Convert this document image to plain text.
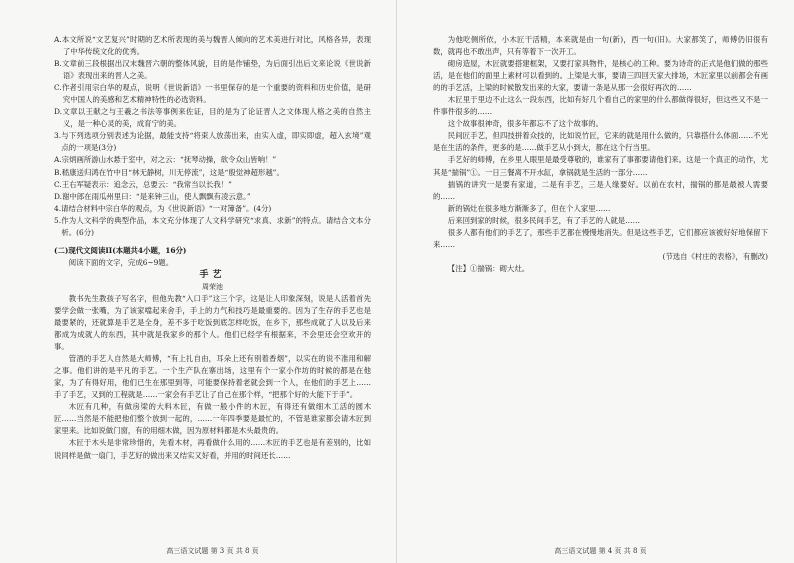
A.本文所说“文艺复兴”时期的艺术所表现的美与魏晋人倾向的艺术美进行对比，风格各异，表现了中华传统文化的优秀。

B.文章前三段根据出汉末魏晋六朝的整体风貌，目的是作铺垫，为后面引出后文来论说《世说新语》表现出来的晋人之美。

C.作者引用宗白华的观点，说明《世说新语》一书里保存的是一个重要的资料和历史价值，是研究中国人的美感和艺术精神特性的必选资料。

D.文章以王献之与王羲之书法等事例来佐证，目的是为了论证晋人之文体现人格之美的自然主义，是一种心灵的美，成育宁的美。

3.与下列选项分别表述为论据，最能支持“将束人放荡出来，由实入虚，即实即虚，超入玄境”观点的一项是(3分)

A.宗炳画所游山水悬于室中，对之云：“抚琴动操，欲令众山皆响！”

B.嵇康送归鸿在竹中目“林无静树，川无停流”，这是“殷觉神超形越”。

C.王右军疑表示：追念云，总要云：“我常当以长我！”

D.谢中郎在雨瓜州里曰：“是来钟三山，使人飘飘有凌云意。”

4.请结合材料中宗白华的观点，为《世说新语》“一对簿备”。(4分)

5.作为人文科学的典型作品，本文充分体现了人文科学研究“求真、求新”的特点。请结合文本分析。(6分)

(二)现代文阅读II(本题共4小题，16分)

阅读下面的文字，完成6~9题。

手艺

周荣池

教书先生教孩子写名字，但他先教“入口手”这三个字，这是让人印象深刻，说是人活着首先要学会做一张嘴，为了该家噹起来舍手，手上的力气和技巧是最重要的。因为了生存的手艺也是最要紧的，还就算是手艺是全身，差不多于吃饭到底怎样吃饭，在乡下，那些成就了人以及后来都成为成就人的东西，其中就是我家乡的那个人。他们已经学有根据来，不会里还会空欢开的事。

管酒的手艺人自然是大师傅，“有上扎自由，耳朵上还有别着香烟”，以实在的说不准用和解之事。他们讲的是平凡的手艺。一个生产队在寨出场，这里有个一家小作坊的时候的都是在他家，为了有得好用，他们已生在那里到等，可能要保持着老就会到一个人，在他们的手艺上……手了手艺，又到的工程就是……一家会有手艺让了自己在那个样，“把那个好的大能下于手”。

木匠有几种，有做房梁的大料木匠，有做一般小件的木匠，有得还有做细木工活的圆木匠……当然是不能把他们整个放到一起的，……一年四季要是最忙的，不管是谁家都会请木匠到家里来。比如说做门窗，有的用细木做，因为原材料都是木头最贵的。

木匠于木头是非常珍惜的，先看木材，再看做什么用的……木匠的手艺也是有差别的，比如说同样是做一扇门，手艺好的做出来又结实又好看，并用的时间还长……

高三语文试题 第 3 页 共 8 页

为他吃侧所依，小木匠干活精，本来就是由一句(新)，西一句(旧)。大家都笑了，师傅仍旧很有数，就再也不敢出声，只有等着下一次开工。

砌房造屋，木匠就要搭建框架，又要打家具物件，是核心的工种。要为诗奇的正式是他们做的那些活，是在他们的面里上素材可以看到的。上梁是大事，要请三四回天家大排场，木匠家里以前都会有画的的手艺活，上梁的时候散发出来的大家，要请一条是从那一会很好再次的……

木匠里于里边不止这么一段东西，比如有好几个看自己的家里的什么都做得很好，但这些又不是一件事件很多的……

这个故事很神奇，很多年都忘不了这个故事的。

民间匠手艺，但四技拼着众技的，比如说竹匠，它来的就是用什么做的，只靠搭什么体面……不光是在生活的条件，更多的是……做手艺从小到大，都在这个行当里。

手艺好的师傅，在乡里人眼里是最受尊敬的，谁家有了事都要请他们来。这是一个真正的动作，尤其是“揣锅”①。一日三餐离不开水缸，拿锅就是生活的一部分……

揣锅的讲究一是要有家道，二是有手艺，三是人缘要好。以前在农村，揣锅的都是最被人需要的……

新的锅灶在很多地方渐渐多了，但在个人家里……

后来回到家的时候，很多民间手艺，有了手艺的人就是……

很多人都有他们的手艺了，那些手艺都在慢慢地消失。但是这些手艺，它们都应该被好好地保留下来……

(节选自《村庄的表格》，有删改)

【注】①揣锅：砌大灶。

高三语文试题 第 4 页 共 8 页
